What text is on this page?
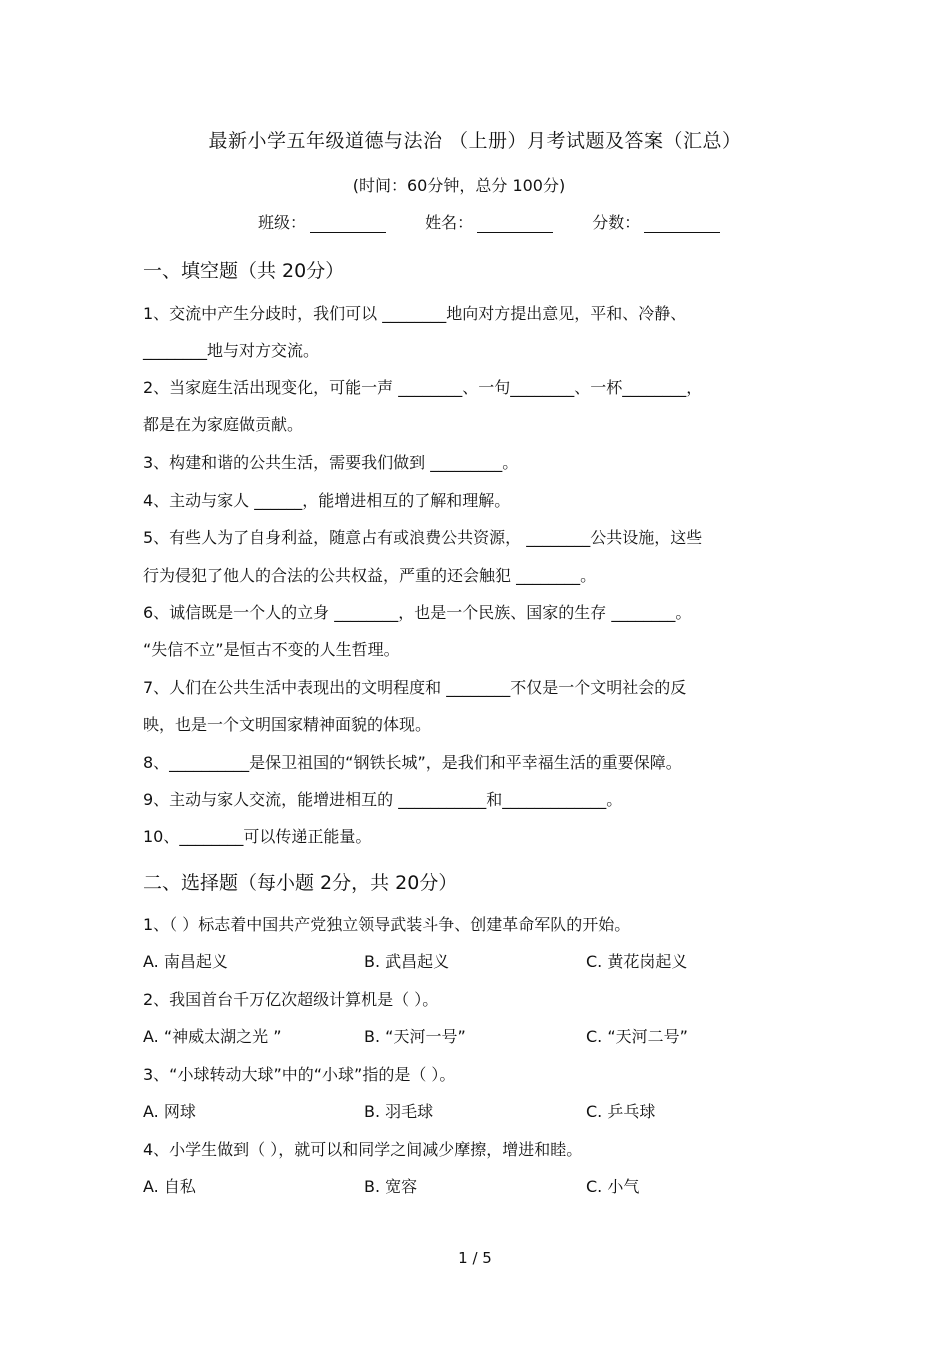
最新小学五年级道德与法治 （上册）月考试题及答案（汇总）
(时间：60分钟，总分 100分)
班级：	姓名：	分数：
一、填空题（共 20分）
1、交流中产生分歧时，我们可以 ________地向对方提出意见，平和、冷静、
________地与对方交流。
2、当家庭生活出现变化，可能一声 ________、一句________、一杯________，
都是在为家庭做贡献。
3、构建和谐的公共生活，需要我们做到 _________。
4、主动与家人 ______，能增进相互的了解和理解。
5、有些人为了自身利益，随意占有或浪费公共资源， ________公共设施，这些
行为侵犯了他人的合法的公共权益，严重的还会触犯 ________。
6、诚信既是一个人的立身 ________，也是一个民族、国家的生存 ________。
“失信不立”是恒古不变的人生哲理。
7、人们在公共生活中表现出的文明程度和 ________不仅是一个文明社会的反
映，也是一个文明国家精神面貌的体现。
8、__________是保卫祖国的“钢铁长城”，是我们和平幸福生活的重要保障。
9、主动与家人交流，能增进相互的 ___________和_____________。
10、________可以传递正能量。
二、选择题（每小题 2分，共 20分）
1、（ ）标志着中国共产党独立领导武装斗争、创建革命军队的开始。
A. 南昌起义	B. 武昌起义	C. 黄花岗起义
2、我国首台千万亿次超级计算机是（ ）。
A. “神威太湖之光 ”	B. “天河一号”	C. “天河二号”
3、“小球转动大球”中的“小球”指的是（ ）。
A. 网球	B. 羽毛球	C. 乒乓球
4、小学生做到（ ），就可以和同学之间减少摩擦，增进和睦。
A. 自私	B. 宽容	C. 小气
1 / 5
